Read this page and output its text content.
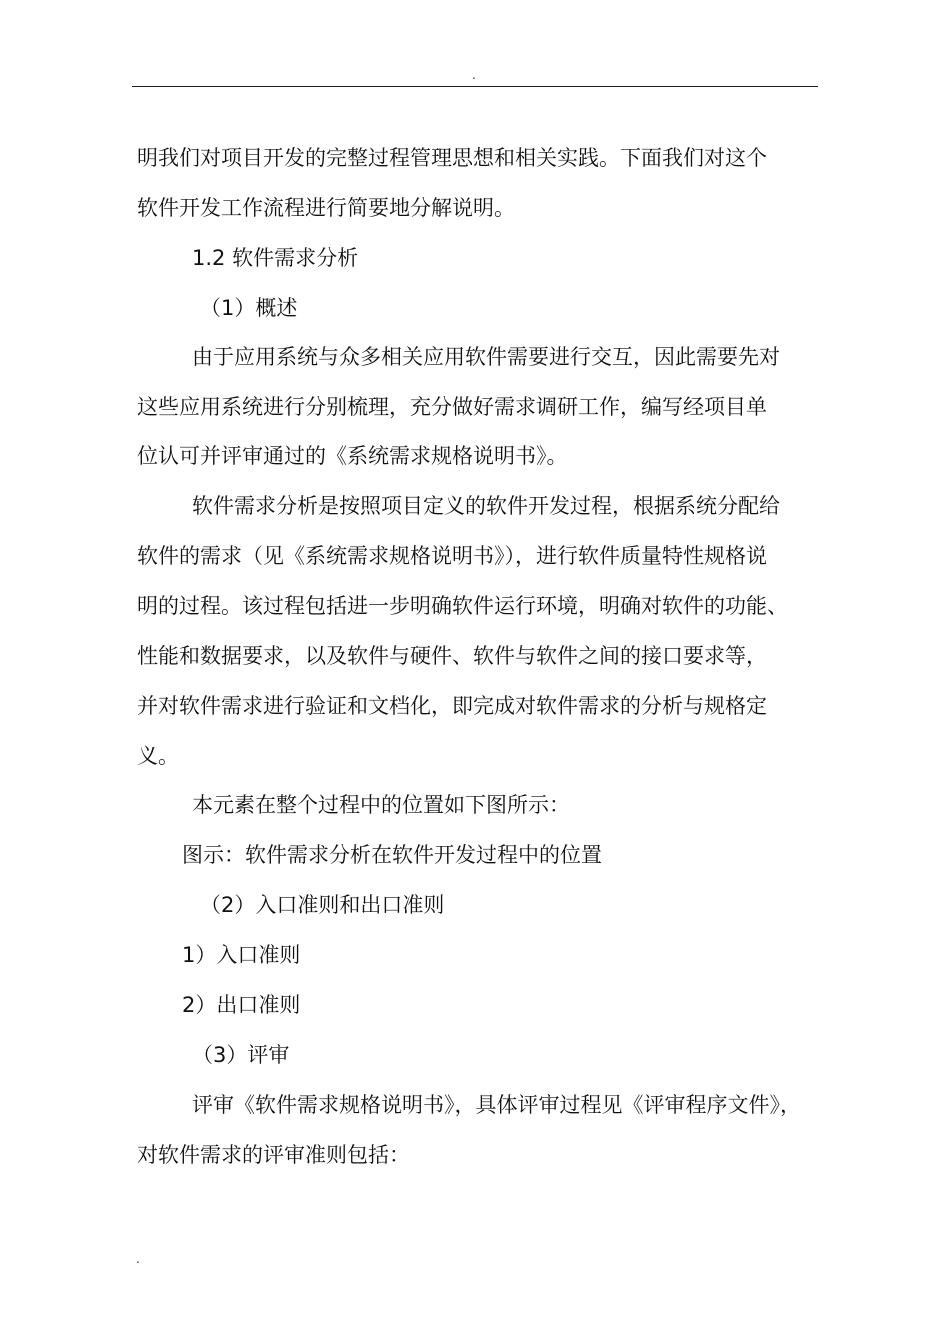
.
明我们对项目开发的完整过程管理思想和相关实践。下面我们对这个
软件开发工作流程进行简要地分解说明。
1.2 软件需求分析
（1）概述
由于应用系统与众多相关应用软件需要进行交互，因此需要先对
这些应用系统进行分别梳理，充分做好需求调研工作，编写经项目单
位认可并评审通过的《系统需求规格说明书》。
软件需求分析是按照项目定义的软件开发过程，根据系统分配给
软件的需求（见《系统需求规格说明书》），进行软件质量特性规格说
明的过程。该过程包括进一步明确软件运行环境，明确对软件的功能、
性能和数据要求，以及软件与硬件、软件与软件之间的接口要求等，
并对软件需求进行验证和文档化，即完成对软件需求的分析与规格定
义。
本元素在整个过程中的位置如下图所示：
图示：软件需求分析在软件开发过程中的位置
（2）入口准则和出口准则
1）入口准则
2）出口准则
（3）评审
评审《软件需求规格说明书》，具体评审过程见《评审程序文件》，
对软件需求的评审准则包括：
.
